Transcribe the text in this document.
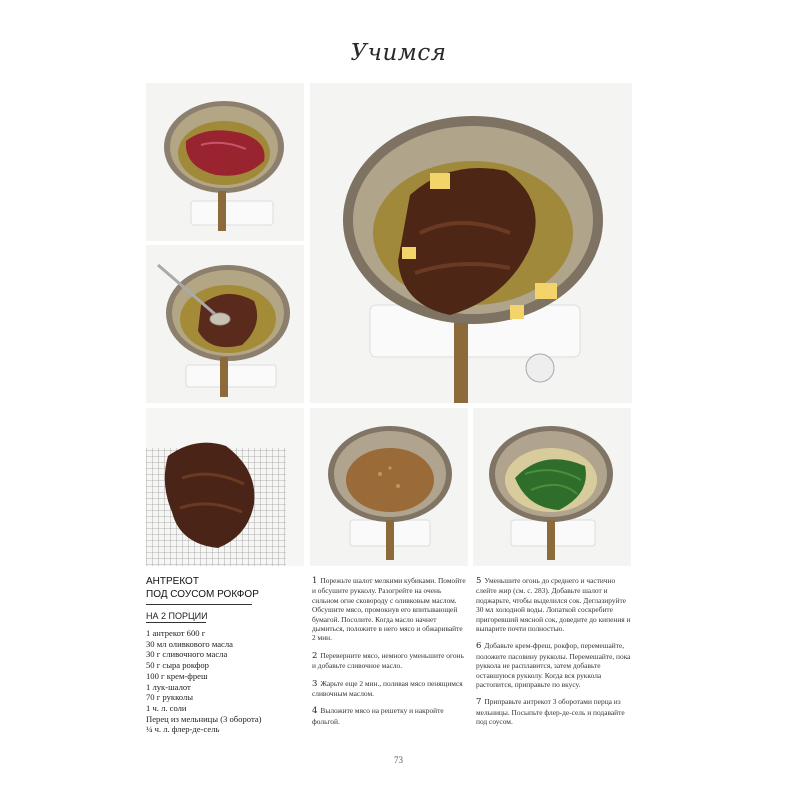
Учимся
АНТРЕКОТ
ПОД СОУСОМ РОКФОР
НА 2 ПОРЦИИ
1 антрекот 600 г
30 мл оливкового масла
30 г сливочного масла
50 г сыра рокфор
100 г крем-фреш
1 лук-шалот
70 г рукколы
1 ч. л. соли
Перец из мельницы (3 оборота)
¼ ч. л. флер-де-сель
1 Порежьте шалот мелкими кубиками. Помойте и обсушите рукколу. Разогрейте на очень сильном огне сковороду с оливковым маслом. Обсушите мясо, промокнув его впитывающей бумагой. Посолите. Когда масло начнет дымиться, положите в него мясо и обжаривайте 2 мин.
2 Переверните мясо, немного уменьшите огонь и добавьте сливочное масло.
3 Жарьте еще 2 мин., поливая мясо пенящимся сливочным маслом.
4 Выложите мясо на решетку и накройте фольгой.
5 Уменьшите огонь до среднего и частично слейте жир (см. с. 283). Добавьте шалот и поджарьте, чтобы выделился сок. Деглазируйте 30 мл холодной воды. Лопаткой соскребите пригоревший мясной сок, доведите до кипения и выпарите почти полностью.
6 Добавьте крем-фреш, рокфор, перемешайте, положите пасовину рукколы. Перемешайте, пока руккола не расплавится, затем добавьте оставшуюся рукколу. Когда вся руккола растопится, приправьте по вкусу.
7 Приправьте антрекот 3 оборотами перца из мельницы. Посыпьте флер-де-сель и подавайте под соусом.
73
